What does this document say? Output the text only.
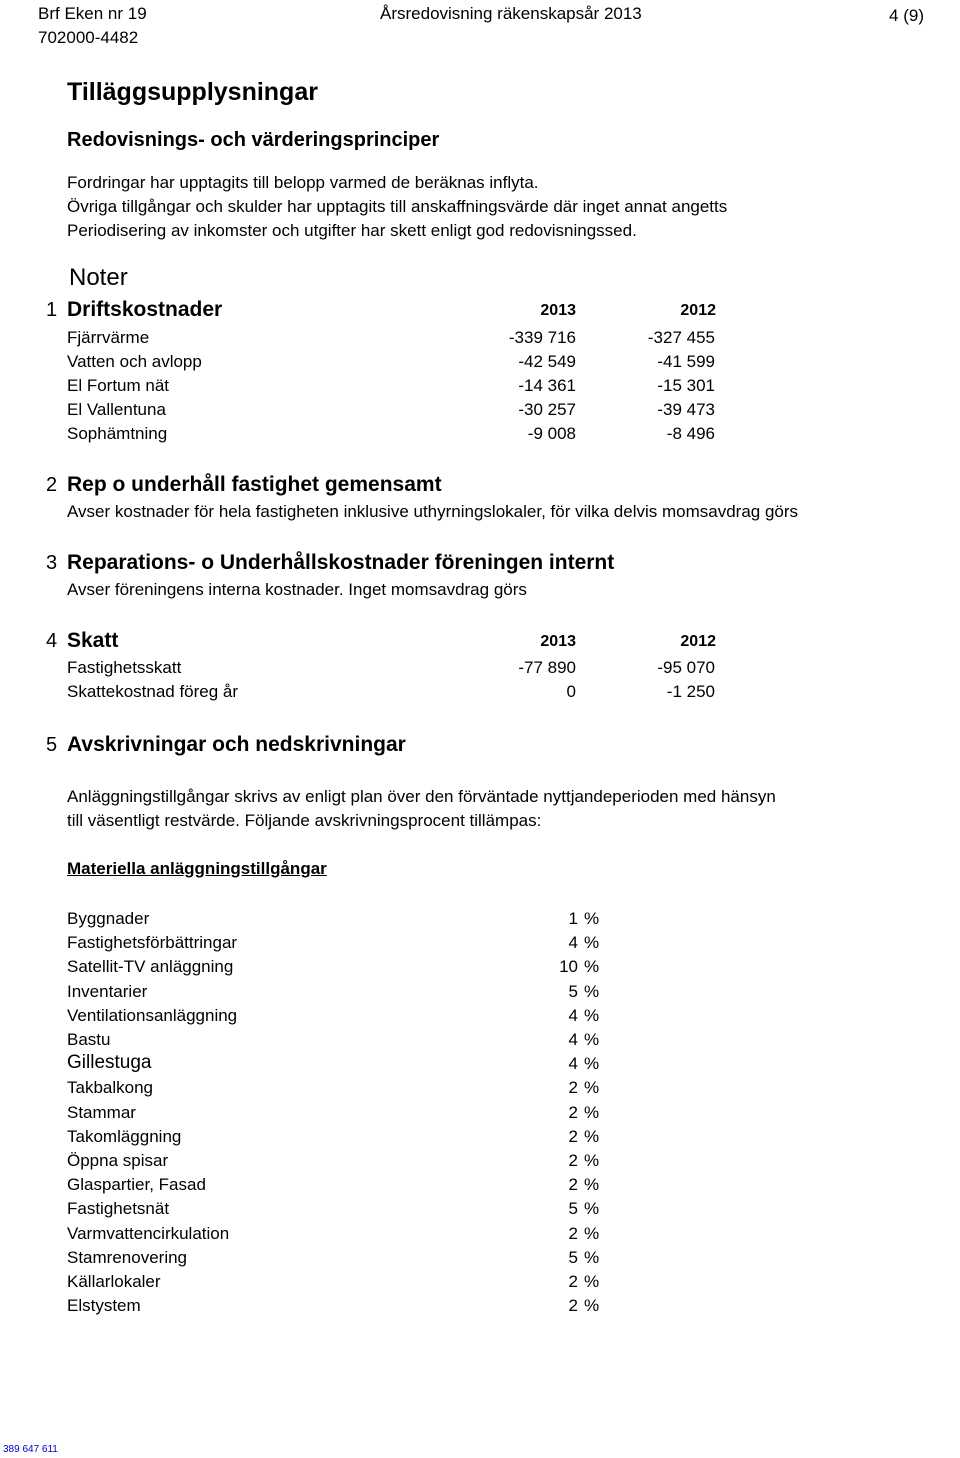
Brf Eken nr 19
702000-4482
Årsredovisning räkenskapsår 2013	4 (9)
Tilläggsupplysningar
Redovisnings- och värderingsprinciper
Fordringar har upptagits till belopp varmed de beräknas inflyta.
Övriga tillgångar och skulder har upptagits till anskaffningsvärde där inget annat angetts
Periodisering av inkomster och utgifter har skett enligt god redovisningssed.
Noter
1 Driftskostnader	2013	2012
Fjärrvärme	-339 716	-327 455
Vatten och avlopp	-42 549	-41 599
El Fortum nät	-14 361	-15 301
El Vallentuna	-30 257	-39 473
Sophämtning	-9 008	-8 496
2 Rep o underhåll fastighet gemensamt
Avser kostnader för hela fastigheten inklusive uthyrningslokaler, för vilka delvis momsavdrag görs
3 Reparations- o Underhållskostnader föreningen internt
Avser föreningens interna kostnader. Inget momsavdrag görs
4 Skatt	2013	2012
Fastighetsskatt	-77 890	-95 070
Skattekostnad föreg år	0	-1 250
5 Avskrivningar och nedskrivningar
Anläggningstillgångar skrivs av enligt plan över den förväntade nyttjandeperioden med hänsyn
till väsentligt restvärde. Följande avskrivningsprocent tillämpas:
Materiella anläggningstillgångar
Byggnader	1 %
Fastighetsförbättringar	4 %
Satellit-TV anläggning	10 %
Inventarier	5 %
Ventilationsanläggning	4 %
Bastu	4 %
Gillestuga	4 %
Takbalkong	2 %
Stammar	2 %
Takomläggning	2 %
Öppna spisar	2 %
Glaspartier, Fasad	2 %
Fastighetsnät	5 %
Varmvattencirkulation	2 %
Stamrenovering	5 %
Källarlokaler	2 %
Elstystem	2 %
389 647 611
